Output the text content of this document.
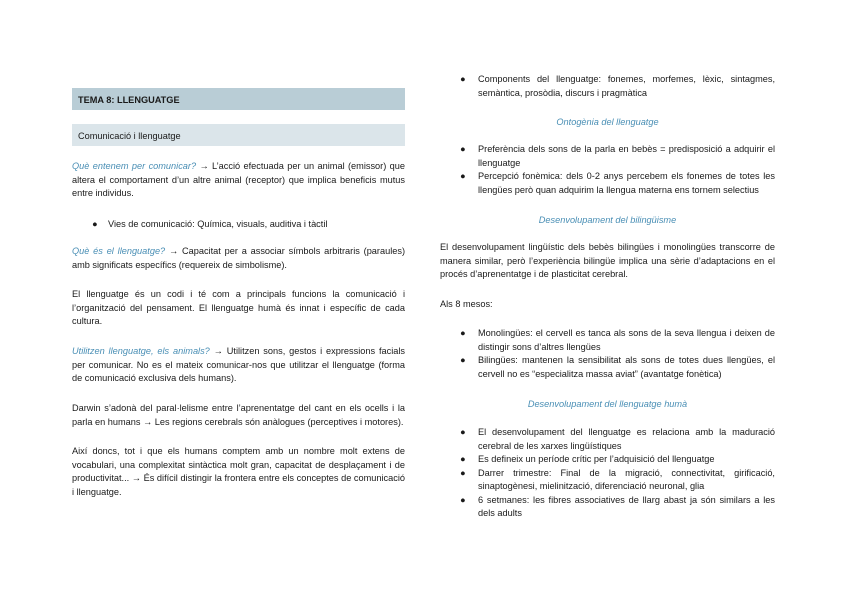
TEMA 8: LLENGUATGE
Comunicació i llenguatge

Què entenem per comunicar? → L’acció efectuada per un animal (emissor) que altera el comportament d’un altre animal (receptor) que implica beneficis mutus entre individus.

● Vies de comunicació: Química, visuals, auditiva i tàctil

Què és el llenguatge? → Capacitat per a associar símbols arbitraris (paraules) amb significats específics (requereix de simbolisme).

El llenguatge és un codi i té com a principals funcions la comunicació i l’organització del pensament. El llenguatge humà és innat i específic de cada cultura.

Utilitzen llenguatge, els animals? → Utilitzen sons, gestos i expressions facials per comunicar. No es el mateix comunicar-nos que utilitzar el llenguatge (forma de comunicació exclusiva dels humans).

Darwin s’adonà del paral·lelisme entre l’aprenentatge del cant en els ocells i la parla en humans → Les regions cerebrals són anàlogues (perceptives i motores).

Així doncs, tot i que els humans comptem amb un nombre molt extens de vocabulari, una complexitat sintàctica molt gran, capacitat de desplaçament i de productivitat... → És difícil distingir la frontera entre els conceptes de comunicació i llenguatge.

● Components del llenguatge: fonemes, morfemes, lèxic, sintagmes, semàntica, prosòdia, discurs i pragmàtica
Ontogènia del llenguatge
● Preferència dels sons de la parla en bebès = predisposició a adquirir el llenguatge
● Percepció fonèmica: dels 0-2 anys percebem els fonemes de totes les llengües però quan adquirim la llengua materna ens tornem selectius
Desenvolupament del bilingüisme

El desenvolupament lingüístic dels bebès bilingües i monolingües transcorre de manera similar, però l’experiència bilingüe implica una sèrie d’adaptacions en el procés d’aprenentatge i de plasticitat cerebral.

Als 8 mesos:

● Monolingües: el cervell es tanca als sons de la seva llengua i deixen de distingir sons d’altres llengües
● Bilingües: mantenen la sensibilitat als sons de totes dues llengües, el cervell no es “especialitza massa aviat” (avantatge fonètica)
Desenvolupament del llenguatge humà
● El desenvolupament del llenguatge es relaciona amb la maduració cerebral de les xarxes lingüístiques
● Es defineix un període crític per l’adquisició del llenguatge
● Darrer trimestre: Final de la migració, connectivitat, girificació, sinaptogènesi, mielinització, diferenciació neuronal, glia
● 6 setmanes: les fibres associatives de llarg abast ja són similars a les dels adults
